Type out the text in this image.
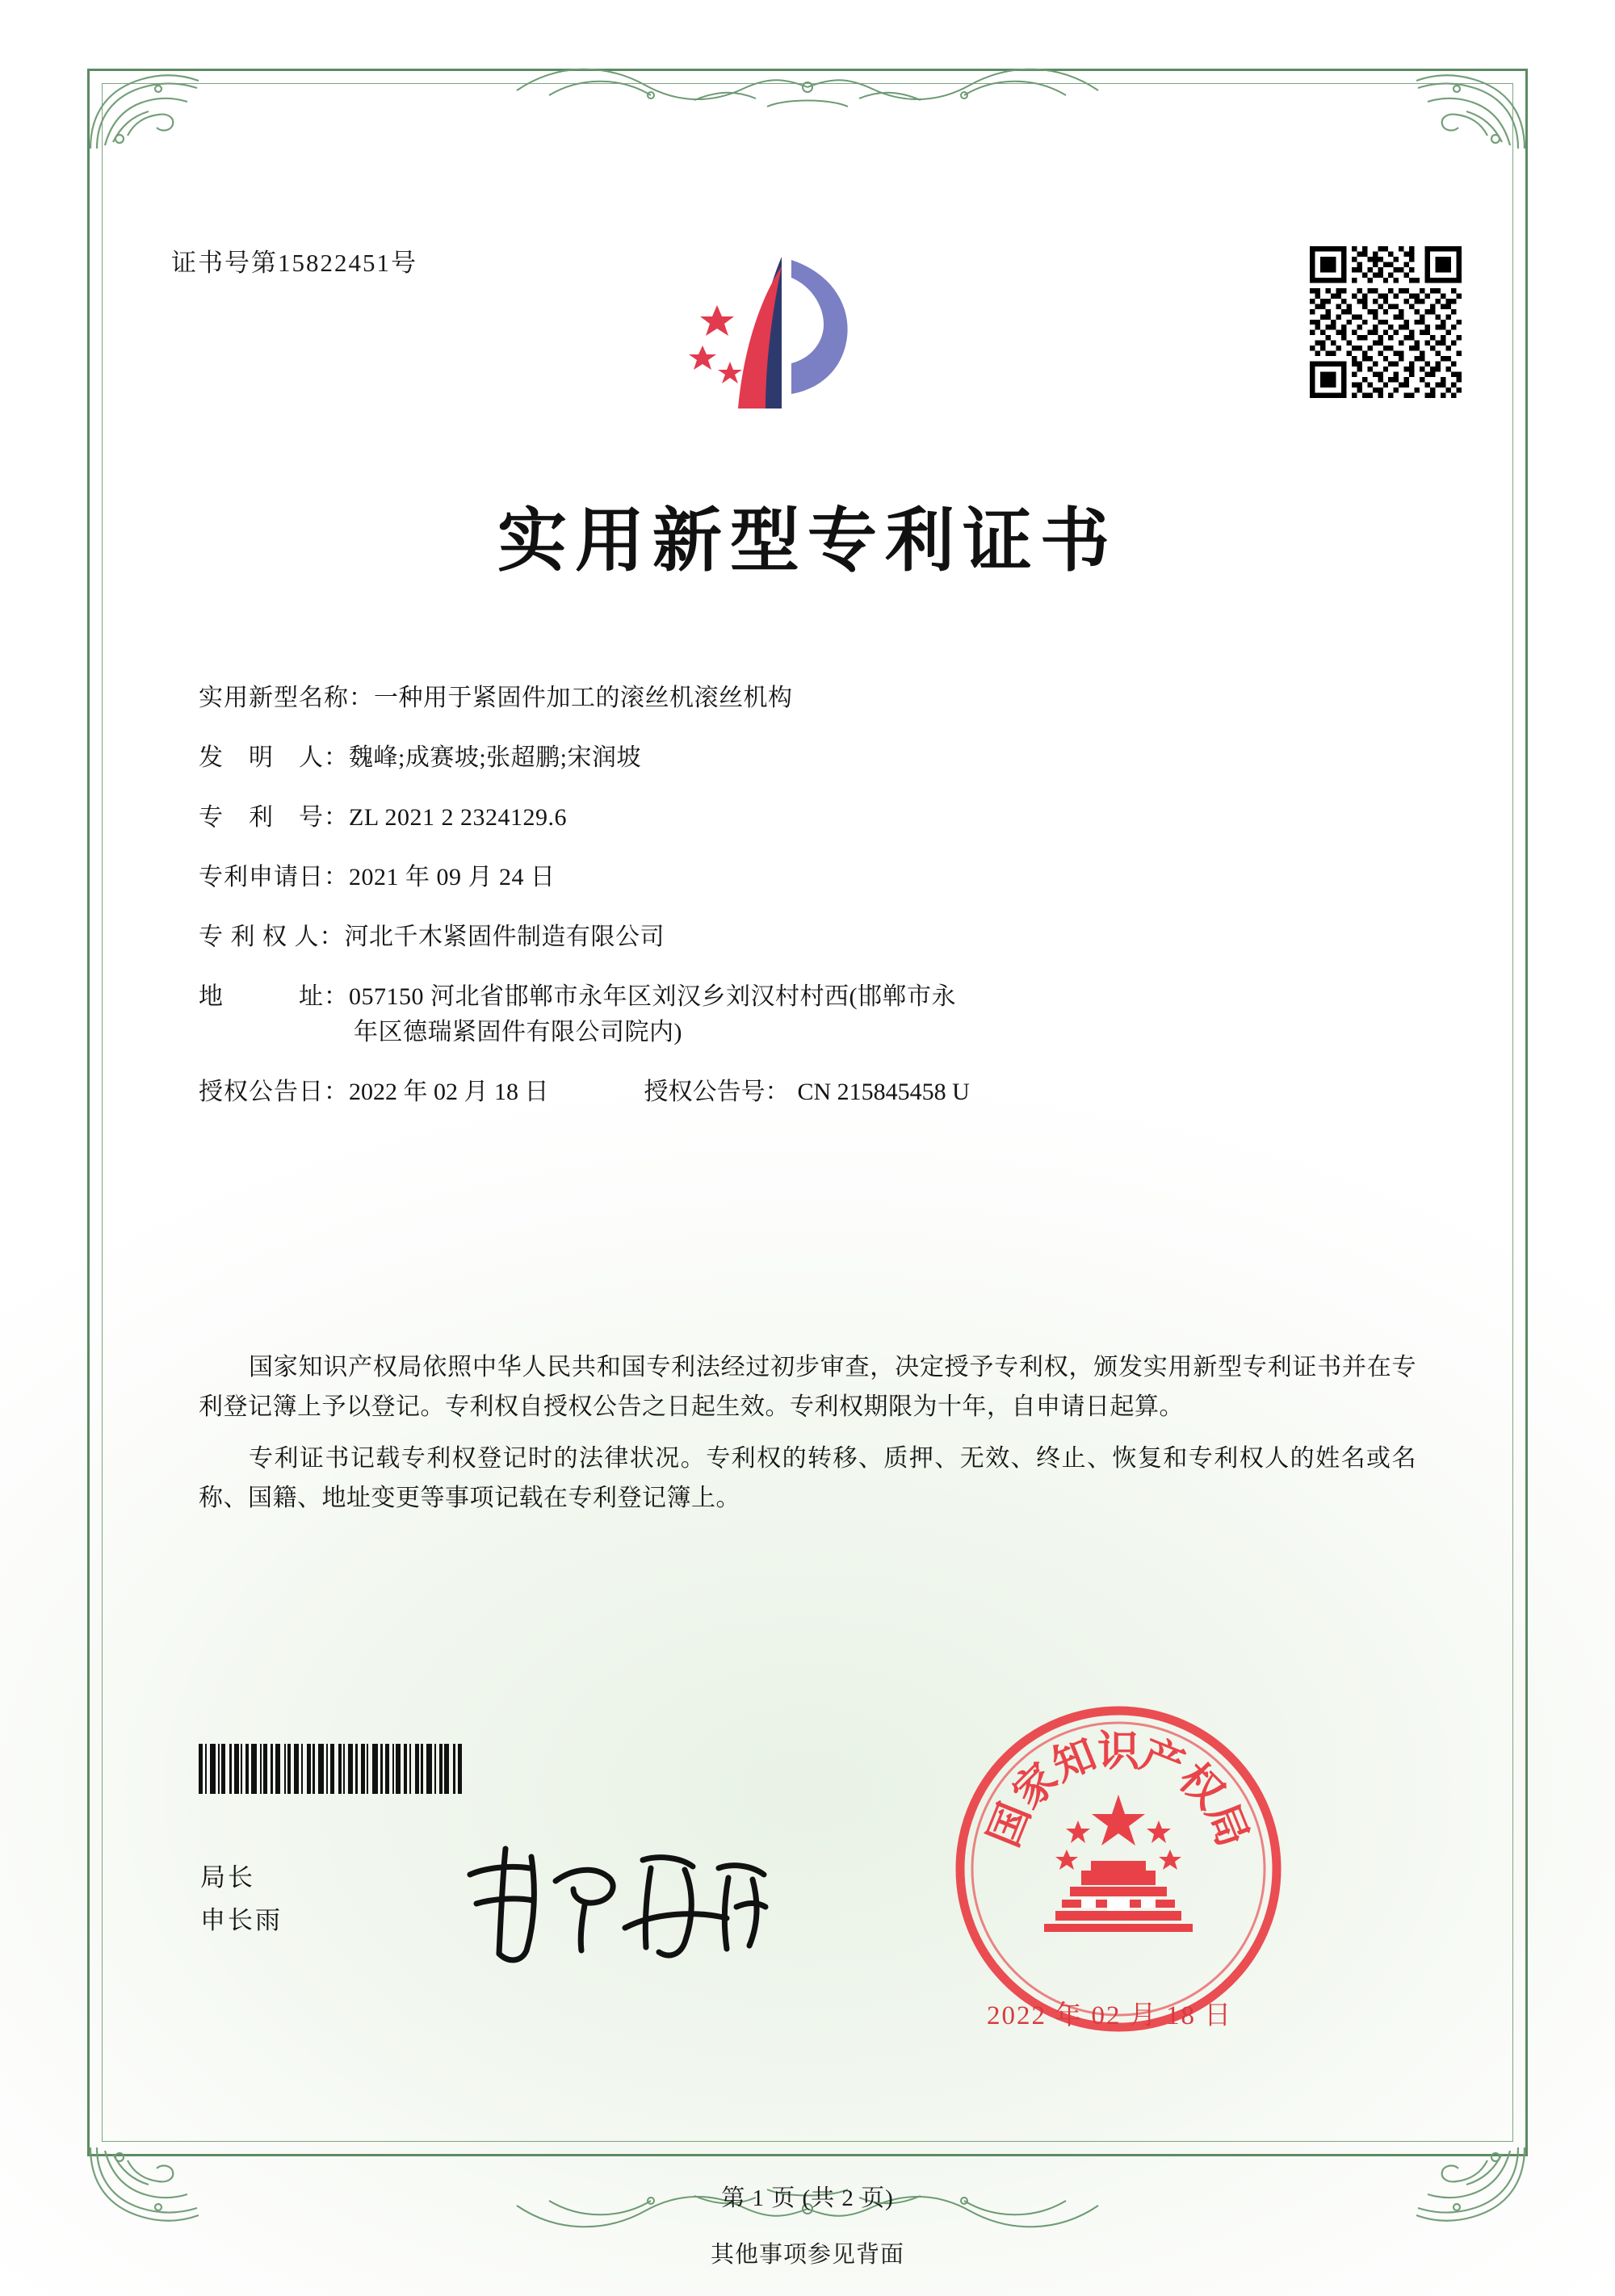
证书号第15822451号
实用新型专利证书
实用新型名称： 一种用于紧固件加工的滚丝机滚丝机构
发　明　人： 魏峰;成赛坡;张超鹏;宋润坡
专　利　号： ZL 2021 2 2324129.6
专利申请日： 2021 年 09 月 24 日
专 利 权 人： 河北千木紧固件制造有限公司
地　　　址： 057150 河北省邯郸市永年区刘汉乡刘汉村村西(邯郸市永
年区德瑞紧固件有限公司院内)
授权公告日： 2022 年 02 月 18 日	授权公告号： CN 215845458 U

国家知识产权局依照中华人民共和国专利法经过初步审查，决定授予专利权，颁发实用新型专利证书并在专利登记簿上予以登记。专利权自授权公告之日起生效。专利权期限为十年，自申请日起算。

专利证书记载专利权登记时的法律状况。专利权的转移、质押、无效、终止、恢复和专利权人的姓名或名称、国籍、地址变更等事项记载在专利登记簿上。

局长
申长雨
国
家
知
识
产
权
局
2022 年 02 月 18 日
第 1 页 (共 2 页)
其他事项参见背面
